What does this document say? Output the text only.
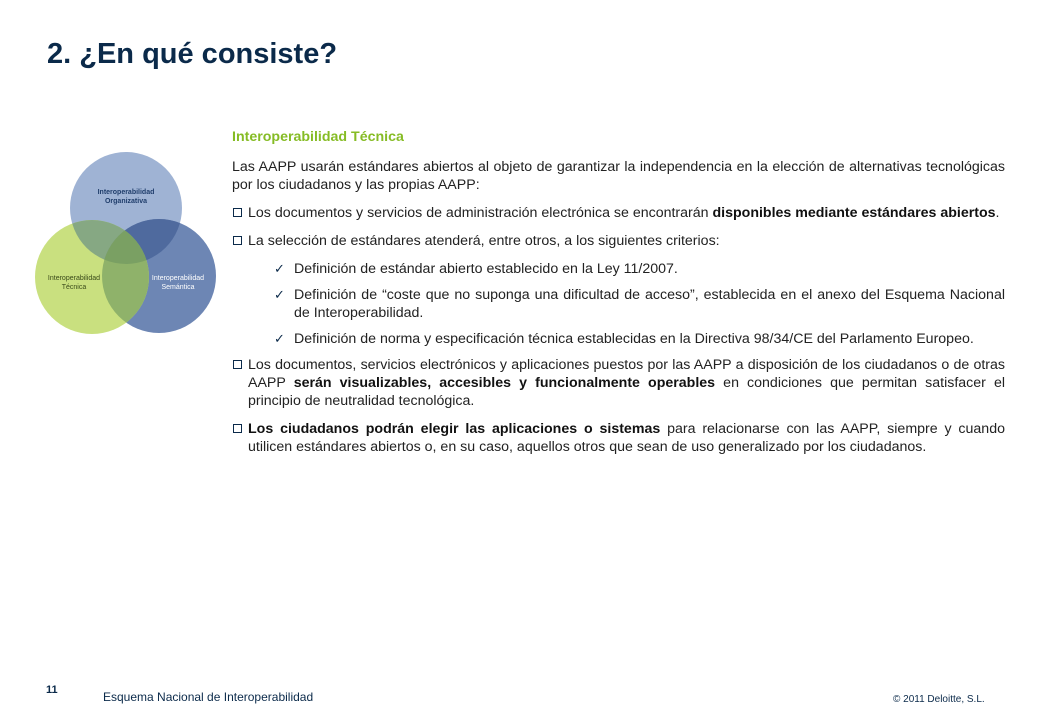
2. ¿En qué consiste?
Interoperabilidad
Organizativa
Interoperabilidad
Técnica
Interoperabilidad
Semántica

Interoperabilidad Técnica

Las AAPP usarán estándares abiertos al objeto de garantizar la independencia en la elección de alternativas tecnológicas por los ciudadanos y las propias AAPP:

Los documentos y servicios de administración electrónica se encontrarán disponibles mediante estándares abiertos.
La selección de estándares atenderá, entre otros, a los siguientes criterios:
✓ Definición de estándar abierto establecido en la Ley 11/2007.
✓ Definición de “coste que no suponga una dificultad de acceso”, establecida en el anexo del Esquema Nacional de Interoperabilidad.
✓ Definición de norma y especificación técnica establecidas en la Directiva 98/34/CE del Parlamento Europeo.
Los documentos, servicios electrónicos y aplicaciones puestos por las AAPP a disposición de los ciudadanos o de otras AAPP serán visualizables, accesibles y funcionalmente operables en condiciones que permitan satisfacer el principio de neutralidad tecnológica.
Los ciudadanos podrán elegir las aplicaciones o sistemas para relacionarse con las AAPP, siempre y cuando utilicen estándares abiertos o, en su caso, aquellos otros que sean de uso generalizado por los ciudadanos.
11	Esquema Nacional de Interoperabilidad	© 2011 Deloitte, S.L.
